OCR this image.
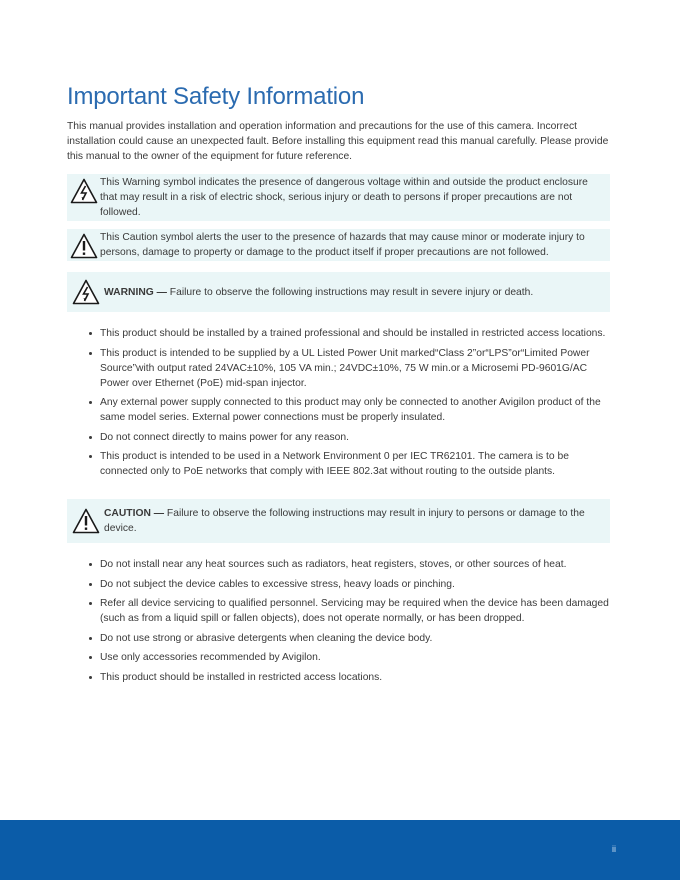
Important Safety Information

This manual provides installation and operation information and precautions for the use of this camera. Incorrect installation could cause an unexpected fault. Before installing this equipment read this manual carefully. Please provide this manual to the owner of the equipment for future reference.

This Warning symbol indicates the presence of dangerous voltage within and outside the product enclosure that may result in a risk of electric shock, serious injury or death to persons if proper precautions are not followed.
This Caution symbol alerts the user to the presence of hazards that may cause minor or moderate injury to persons, damage to property or damage to the product itself if proper precautions are not followed.
WARNING — Failure to observe the following instructions may result in severe injury or death.
This product should be installed by a trained professional and should be installed in restricted access locations.
This product is intended to be supplied by a UL Listed Power Unit marked“Class 2”or“LPS”or“Limited Power Source”with output rated 24VAC±10%, 105 VA min.; 24VDC±10%, 75 W min.or a Microsemi PD-9601G/AC Power over Ethernet (PoE) mid-span injector.
Any external power supply connected to this product may only be connected to another Avigilon product of the same model series. External power connections must be properly insulated.
Do not connect directly to mains power for any reason.
This product is intended to be used in a Network Environment 0 per IEC TR62101. The camera is to be connected only to PoE networks that comply with IEEE 802.3at without routing to the outside plants.
CAUTION — Failure to observe the following instructions may result in injury to persons or damage to the device.
Do not install near any heat sources such as radiators, heat registers, stoves, or other sources of heat.
Do not subject the device cables to excessive stress, heavy loads or pinching.
Refer all device servicing to qualified personnel. Servicing may be required when the device has been damaged (such as from a liquid spill or fallen objects), does not operate normally, or has been dropped.
Do not use strong or abrasive detergents when cleaning the device body.
Use only accessories recommended by Avigilon.
This product should be installed in restricted access locations.
ii
